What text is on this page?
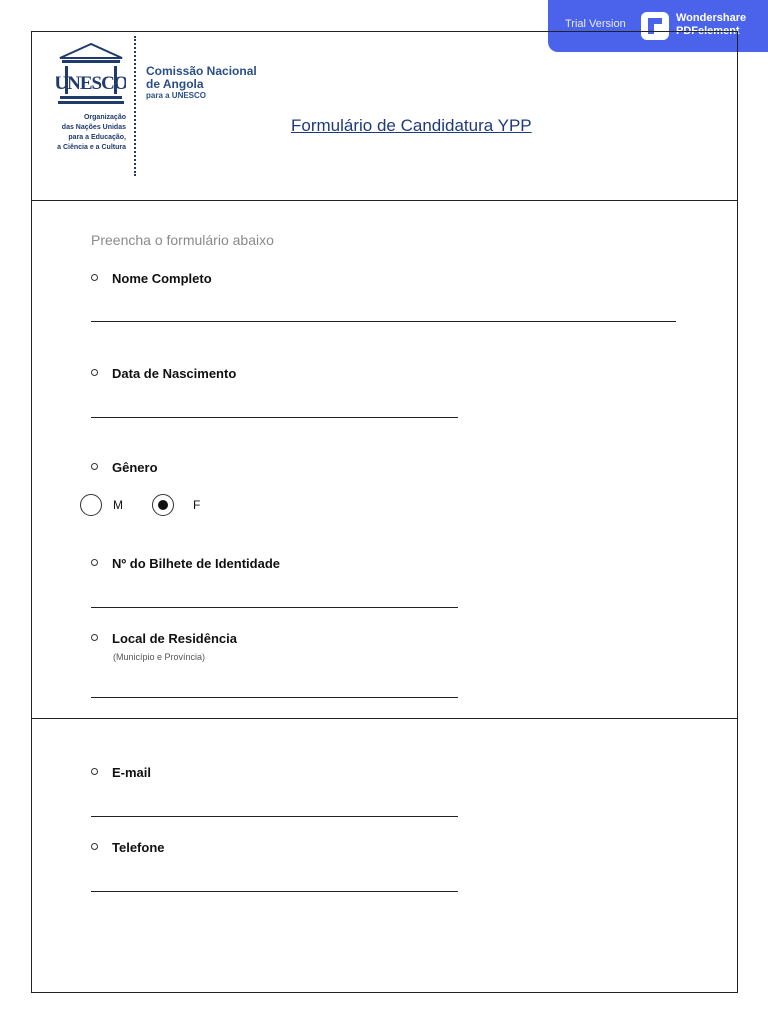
Trial Version	Wondershare
PDFelement
UNESCO
Organização
das Nações Unidas
para a Educação,
a Ciência e a Cultura
Comissão Nacional
de Angola
para a UNESCO
Formulário de Candidatura YPP
Preencha o formulário abaixo
Nome Completo
Data de Nascimento
Gênero
M	F
Nº do Bilhete de Identidade
Local de Residência
(Município e Província)
E-mail
Telefone
